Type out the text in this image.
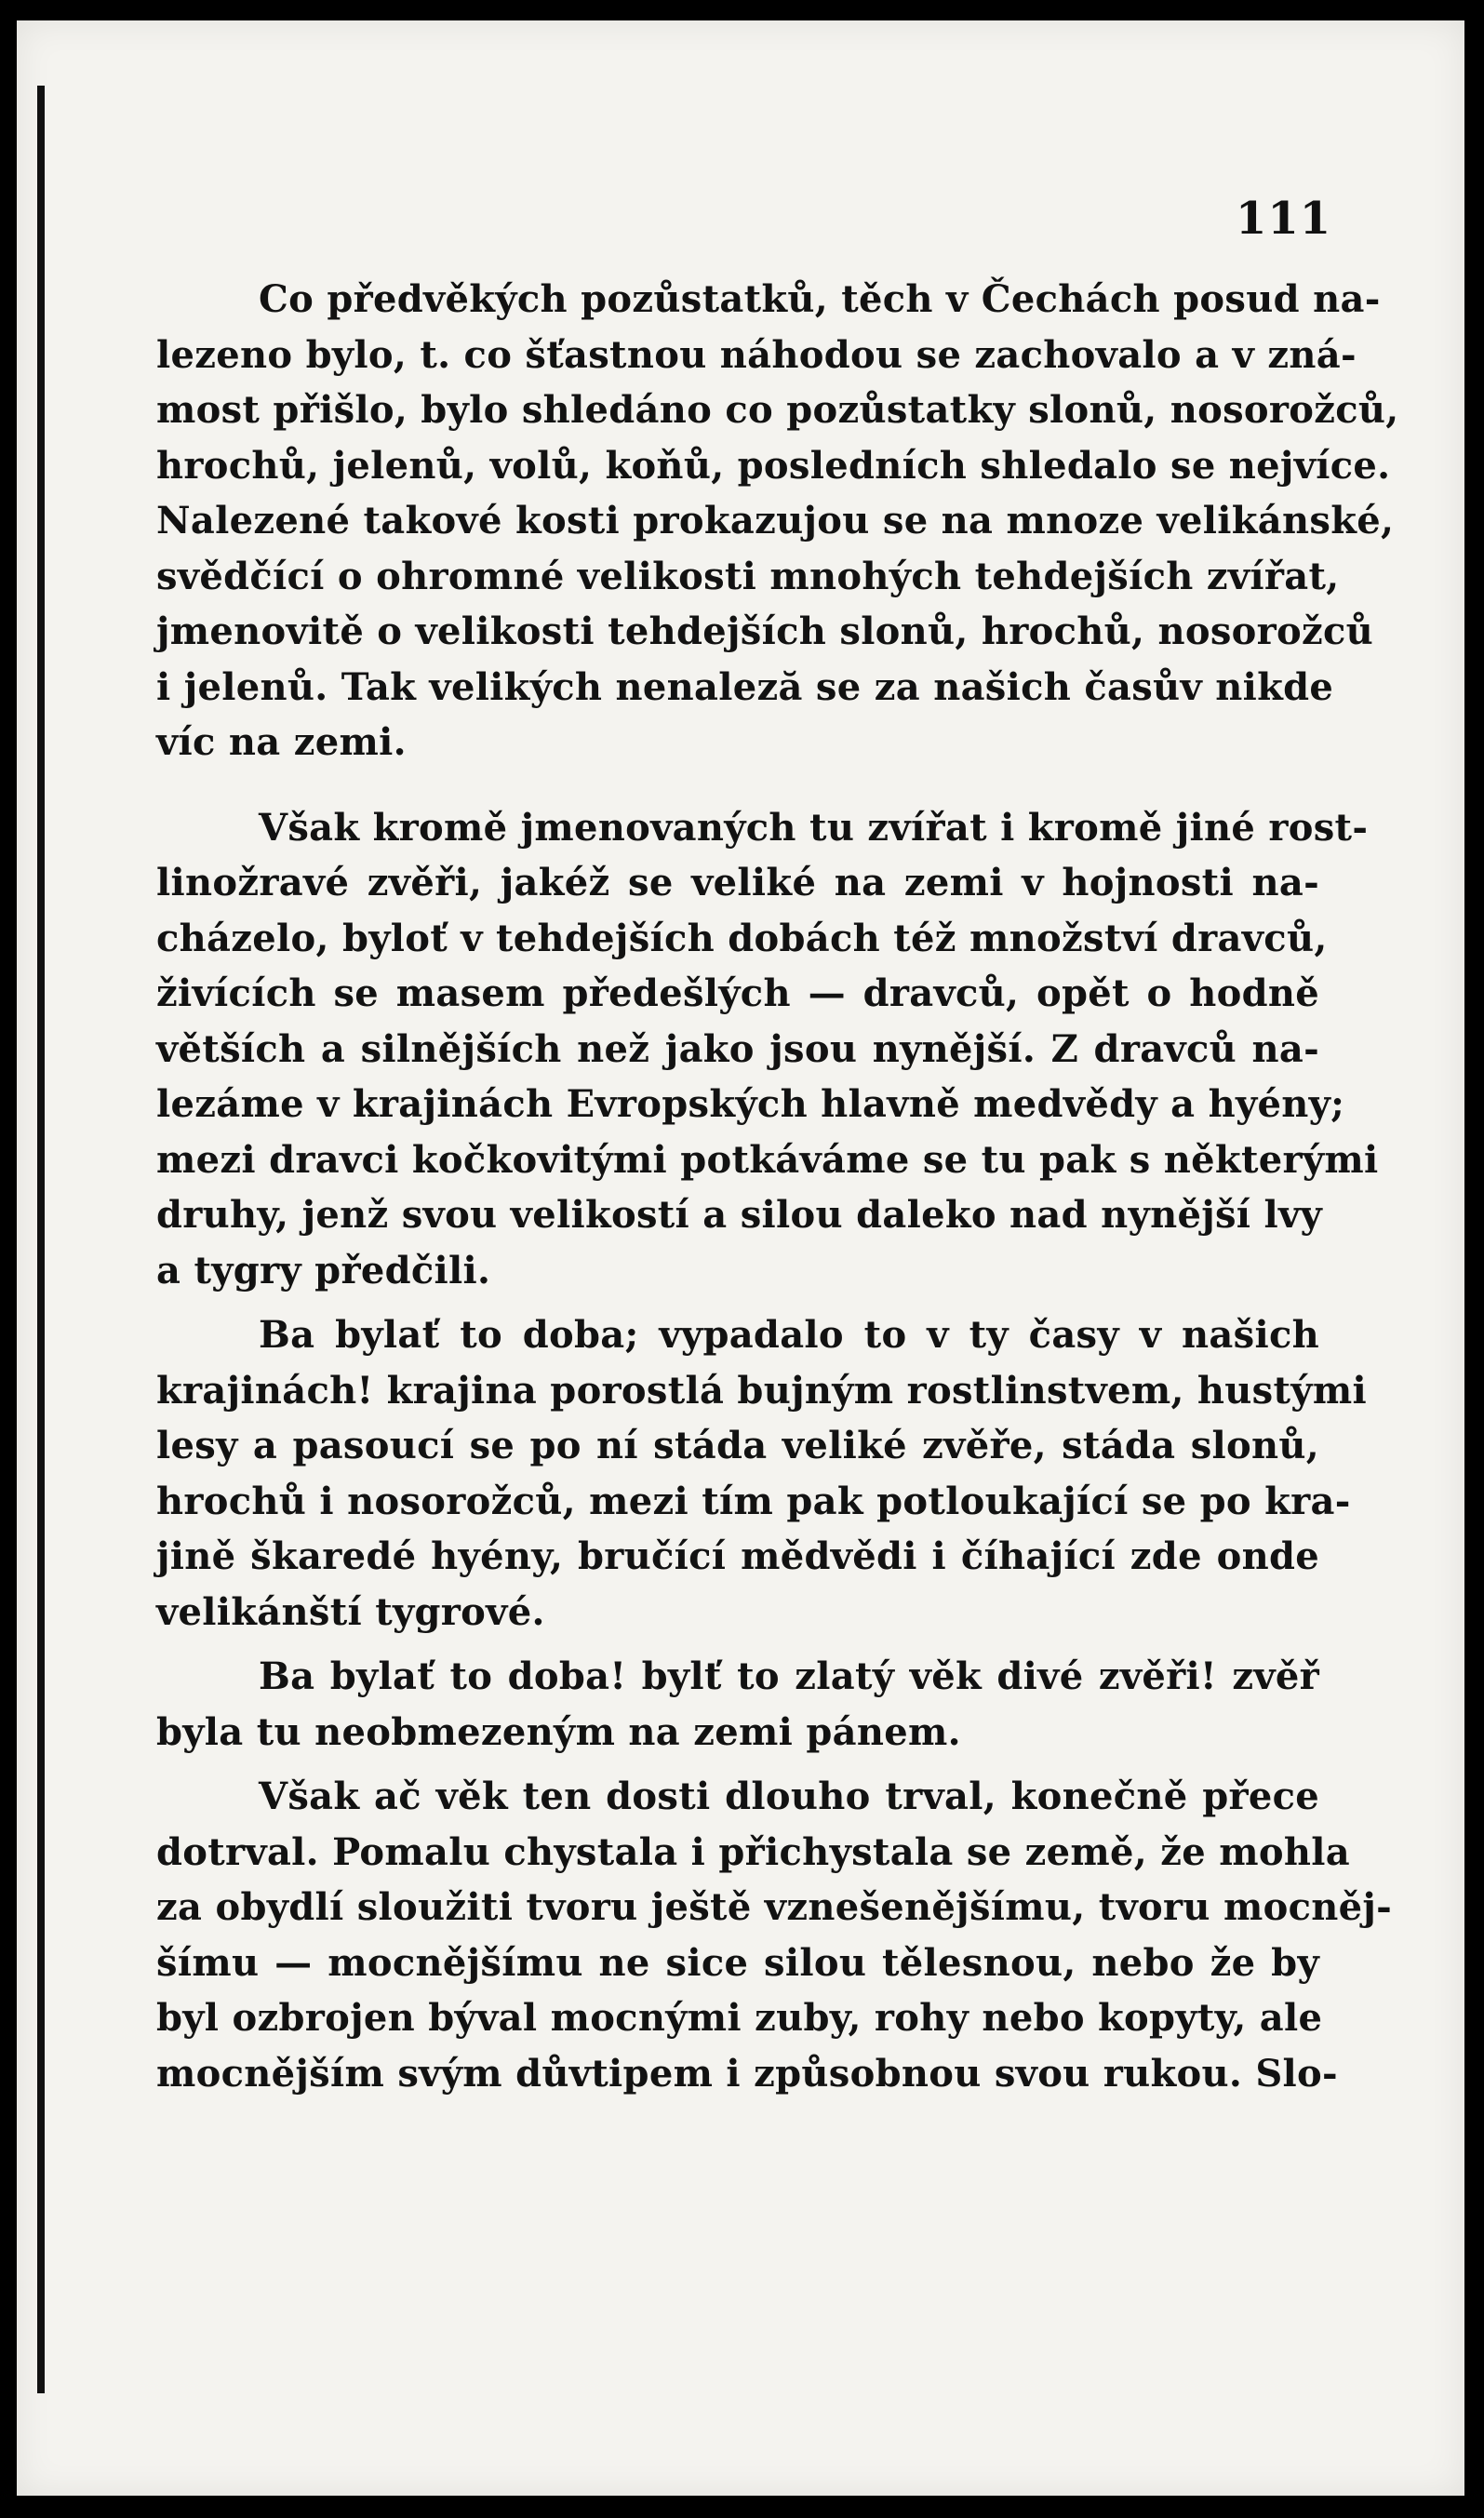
111
Co předvěkých pozůstatků, těch v Čechách posud na-
lezeno bylo, t. co šťastnou náhodou se zachovalo a v zná-
most přišlo, bylo shledáno co pozůstatky slonů, nosorožců,
hrochů, jelenů, volů, koňů, posledních shledalo se nejvíce.
Nalezené takové kosti prokazujou se na mnoze velikánské,
svědčící o ohromné velikosti mnohých tehdejších zvířat,
jmenovitě o velikosti tehdejších slonů, hrochů, nosorožců
i jelenů. Tak velikých nenaleză se za našich časův nikde
víc na zemi.
Však kromě jmenovaných tu zvířat i kromě jiné rost-
linožravé zvěři, jakéž se veliké na zemi v hojnosti na-
cházelo, byloť v tehdejších dobách též množství dravců,
živících se masem předešlých — dravců, opět o hodně
větších a silnějších než jako jsou nynější. Z dravců na-
lezáme v krajinách Evropských hlavně medvědy a hyény;
mezi dravci kočkovitými potkáváme se tu pak s některými
druhy, jenž svou velikostí a silou daleko nad nynější lvy
a tygry předčili.
Ba bylať to doba; vypadalo to v ty časy v našich
krajinách! krajina porostlá bujným rostlinstvem, hustými
lesy a pasoucí se po ní stáda veliké zvěře, stáda slonů,
hrochů i nosorožců, mezi tím pak potloukající se po kra-
jině škaredé hyény, bručící mědvědi i číhající zde onde
velikánští tygrové.
Ba bylať to doba! bylť to zlatý věk divé zvěři! zvěř
byla tu neobmezeným na zemi pánem.
Však ač věk ten dosti dlouho trval, konečně přece
dotrval. Pomalu chystala i přichystala se země, že mohla
za obydlí sloužiti tvoru ještě vznešenějšímu, tvoru mocněj-
šímu — mocnějšímu ne sice silou tělesnou, nebo že by
byl ozbrojen býval mocnými zuby, rohy nebo kopyty, ale
mocnějším svým důvtipem i způsobnou svou rukou. Slo-
